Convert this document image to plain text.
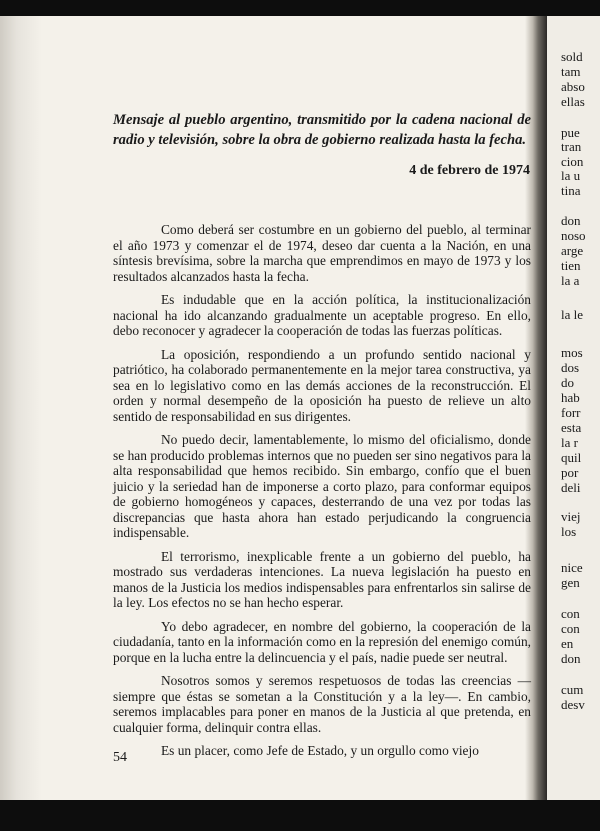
sold
tam
abso
ellas
pue
tran
cion
la u
tina
don
noso
arge
tien
la a
la le
mos
dos
do
hab
forr
esta
la r
quil
por
deli
viej
los
nice
gen
con
con
en
don
cum
desv
Mensaje al pueblo argentino, transmitido por la cadena nacional de radio y televisión, sobre la obra de gobierno realizada hasta la fecha.
4 de febrero de 1974

Como deberá ser costumbre en un gobierno del pueblo, al terminar el año 1973 y comenzar el de 1974, deseo dar cuenta a la Nación, en una síntesis brevísima, sobre la marcha que emprendimos en mayo de 1973 y los resultados alcanzados hasta la fecha.

Es indudable que en la acción política, la institucionalización nacional ha ido alcanzando gradualmente un aceptable progreso. En ello, debo reconocer y agradecer la cooperación de todas las fuerzas políticas.

La oposición, respondiendo a un profundo sentido nacional y patriótico, ha colaborado permanentemente en la mejor tarea constructiva, ya sea en lo legislativo como en las demás acciones de la reconstrucción. El orden y normal desempeño de la oposición ha puesto de relieve un alto sentido de responsabilidad en sus dirigentes.

No puedo decir, lamentablemente, lo mismo del oficialismo, donde se han producido problemas internos que no pueden ser sino negativos para la alta responsabilidad que hemos recibido. Sin embargo, confío que el buen juicio y la seriedad han de imponerse a corto plazo, para conformar equipos de gobierno homogéneos y capaces, desterrando de una vez por todas las discrepancias que hasta ahora han estado perjudicando la congruencia indispensable.

El terrorismo, inexplicable frente a un gobierno del pueblo, ha mostrado sus verdaderas intenciones. La nueva legislación ha puesto en manos de la Justicia los medios indispensables para enfrentarlos sin salirse de la ley. Los efectos no se han hecho esperar.

Yo debo agradecer, en nombre del gobierno, la cooperación de la ciudadanía, tanto en la información como en la represión del enemigo común, porque en la lucha entre la delincuencia y el país, nadie puede ser neutral.

Nosotros somos y seremos respetuosos de todas las creencias —siempre que éstas se sometan a la Constitución y a la ley—. En cambio, seremos implacables para poner en manos de la Justicia al que pretenda, en cualquier forma, delinquir contra ellas.

Es un placer, como Jefe de Estado, y un orgullo como viejo

54
